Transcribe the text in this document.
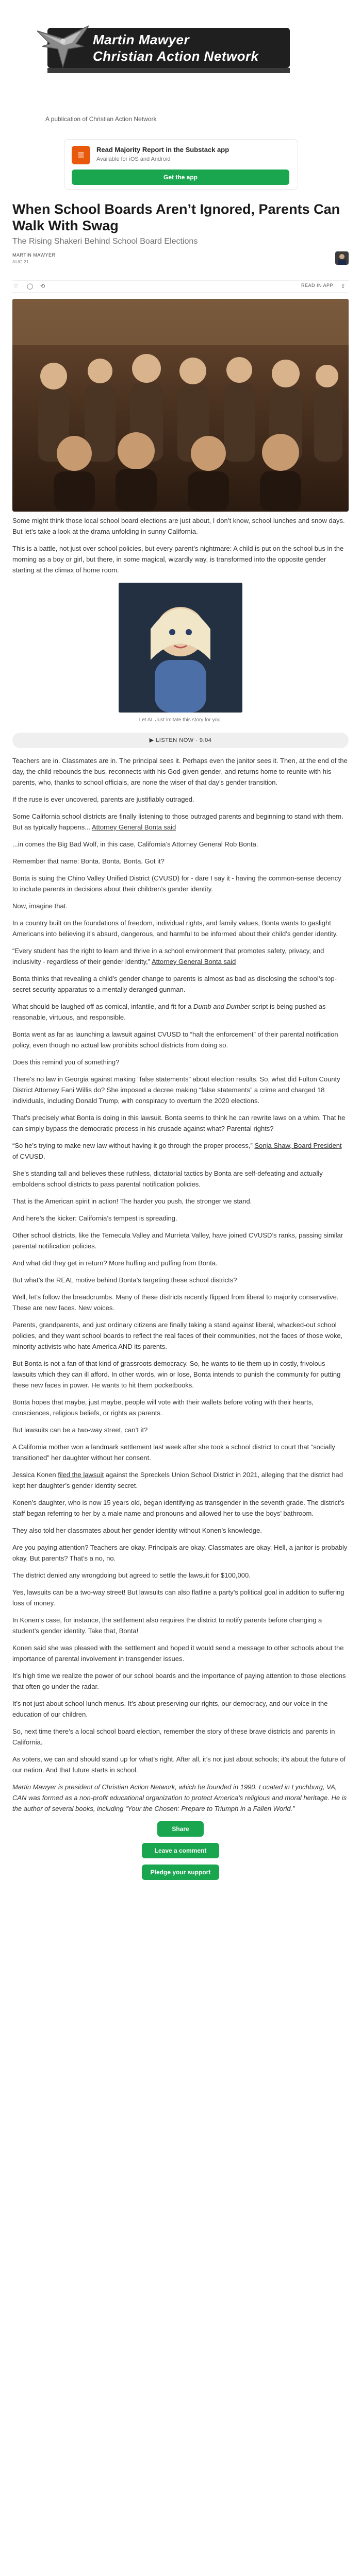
Martin Mawyer
Christian Action Network
A publication of Christian Action Network
≡	Read Majority Report in the Substack app
Available for iOS and Android
Get the app
When School Boards Aren’t Ignored, Parents Can Walk With Swag
The Rising Shakeri Behind School Board Elections
MARTIN MAWYER
AUG 21
♡ ◯ ⟲	READ IN APP ⇪

Some might think those local school board elections are just about, I don’t know, school lunches and snow days. But let’s take a look at the drama unfolding in sunny California.

This is a battle, not just over school policies, but every parent’s nightmare: A child is put on the school bus in the morning as a boy or girl, but there, in some magical, wizardly way, is transformed into the opposite gender starting at the climax of home room.

Let AI. Just imitate this story for you.
▶ LISTEN NOW · 9:04

Teachers are in. Classmates are in. The principal sees it. Perhaps even the janitor sees it. Then, at the end of the day, the child rebounds the bus, reconnects with his God-given gender, and returns home to reunite with his parents, who, thanks to school officials, are none the wiser of that day’s gender transition.

If the ruse is ever uncovered, parents are justifiably outraged.

Some California school districts are finally listening to those outraged parents and beginning to stand with them. But as typically happens... Attorney General Bonta said

...in comes the Big Bad Wolf, in this case, California’s Attorney General Rob Bonta.

Remember that name: Bonta. Bonta. Bonta. Got it?

Bonta is suing the Chino Valley Unified District (CVUSD) for - dare I say it - having the common-sense decency to include parents in decisions about their children’s gender identity.

Now, imagine that.

In a country built on the foundations of freedom, individual rights, and family values, Bonta wants to gaslight Americans into believing it’s absurd, dangerous, and harmful to be informed about their child’s gender identity.

“Every student has the right to learn and thrive in a school environment that promotes safety, privacy, and inclusivity - regardless of their gender identity,” Attorney General Bonta said

Bonta thinks that revealing a child’s gender change to parents is almost as bad as disclosing the school’s top-secret security apparatus to a mentally deranged gunman.

What should be laughed off as comical, infantile, and fit for a Dumb and Dumber script is being pushed as reasonable, virtuous, and responsible.

Bonta went as far as launching a lawsuit against CVUSD to “halt the enforcement” of their parental notification policy, even though no actual law prohibits school districts from doing so.

Does this remind you of something?

There’s no law in Georgia against making “false statements” about election results. So, what did Fulton County District Attorney Fani Willis do? She imposed a decree making “false statements” a crime and charged 18 individuals, including Donald Trump, with conspiracy to overturn the 2020 elections.

That’s precisely what Bonta is doing in this lawsuit. Bonta seems to think he can rewrite laws on a whim. That he can simply bypass the democratic process in his crusade against what? Parental rights?

“So he’s trying to make new law without having it go through the proper process,” Sonja Shaw, Board President of CVUSD.

She’s standing tall and believes these ruthless, dictatorial tactics by Bonta are self-defeating and actually emboldens school districts to pass parental notification policies.

That is the American spirit in action! The harder you push, the stronger we stand.

And here’s the kicker: California’s tempest is spreading.

Other school districts, like the Temecula Valley and Murrieta Valley, have joined CVUSD’s ranks, passing similar parental notification policies.

And what did they get in return? More huffing and puffing from Bonta.

But what’s the REAL motive behind Bonta’s targeting these school districts?

Well, let’s follow the breadcrumbs. Many of these districts recently flipped from liberal to majority conservative. These are new faces. New voices.

Parents, grandparents, and just ordinary citizens are finally taking a stand against liberal, whacked-out school policies, and they want school boards to reflect the real faces of their communities, not the faces of those woke, minority activists who hate America AND its parents.

But Bonta is not a fan of that kind of grassroots democracy. So, he wants to tie them up in costly, frivolous lawsuits which they can ill afford. In other words, win or lose, Bonta intends to punish the community for putting these new faces in power. He wants to hit them pocketbooks.

Bonta hopes that maybe, just maybe, people will vote with their wallets before voting with their hearts, consciences, religious beliefs, or rights as parents.

But lawsuits can be a two-way street, can’t it?

A California mother won a landmark settlement last week after she took a school district to court that “socially transitioned” her daughter without her consent.

Jessica Konen filed the lawsuit against the Spreckels Union School District in 2021, alleging that the district had kept her daughter’s gender identity secret.

Konen’s daughter, who is now 15 years old, began identifying as transgender in the seventh grade. The district’s staff began referring to her by a male name and pronouns and allowed her to use the boys’ bathroom.

They also told her classmates about her gender identity without Konen’s knowledge.

Are you paying attention? Teachers are okay. Principals are okay. Classmates are okay. Hell, a janitor is probably okay. But parents? That’s a no, no.

The district denied any wrongdoing but agreed to settle the lawsuit for $100,000.

Yes, lawsuits can be a two-way street! But lawsuits can also flatline a party’s political goal in addition to suffering loss of money.

In Konen’s case, for instance, the settlement also requires the district to notify parents before changing a student’s gender identity. Take that, Bonta!

Konen said she was pleased with the settlement and hoped it would send a message to other schools about the importance of parental involvement in transgender issues.

It’s high time we realize the power of our school boards and the importance of paying attention to those elections that often go under the radar.

It’s not just about school lunch menus. It’s about preserving our rights, our democracy, and our voice in the education of our children.

So, next time there’s a local school board election, remember the story of these brave districts and parents in California.

As voters, we can and should stand up for what’s right. After all, it’s not just about schools; it’s about the future of our nation. And that future starts in school.

Martin Mawyer is president of Christian Action Network, which he founded in 1990. Located in Lynchburg, VA, CAN was formed as a non-profit educational organization to protect America’s religious and moral heritage. He is the author of several books, including “Your the Chosen: Prepare to Triumph in a Fallen World.”

Share
Leave a comment
Pledge your support
